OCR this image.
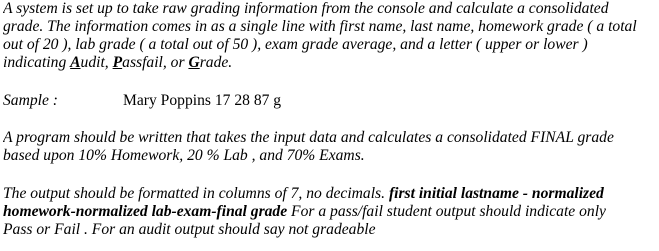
A system is set up to take raw grading information from the console and calculate a consolidated
grade. The information comes in as a single line with first name, last name, homework grade ( a total
out of 20 ), lab grade ( a total out of 50 ), exam grade average, and a letter ( upper or lower )
indicating Audit, Passfail, or Grade.
Sample :	Mary Poppins 17 28 87 g
A program should be written that takes the input data and calculates a consolidated FINAL grade
based upon 10% Homework, 20 % Lab , and 70% Exams.
The output should be formatted in columns of 7, no decimals. first initial lastname - normalized
homework-normalized lab-exam-final grade For a pass/fail student output should indicate only
Pass or Fail . For an audit output should say not gradeable
